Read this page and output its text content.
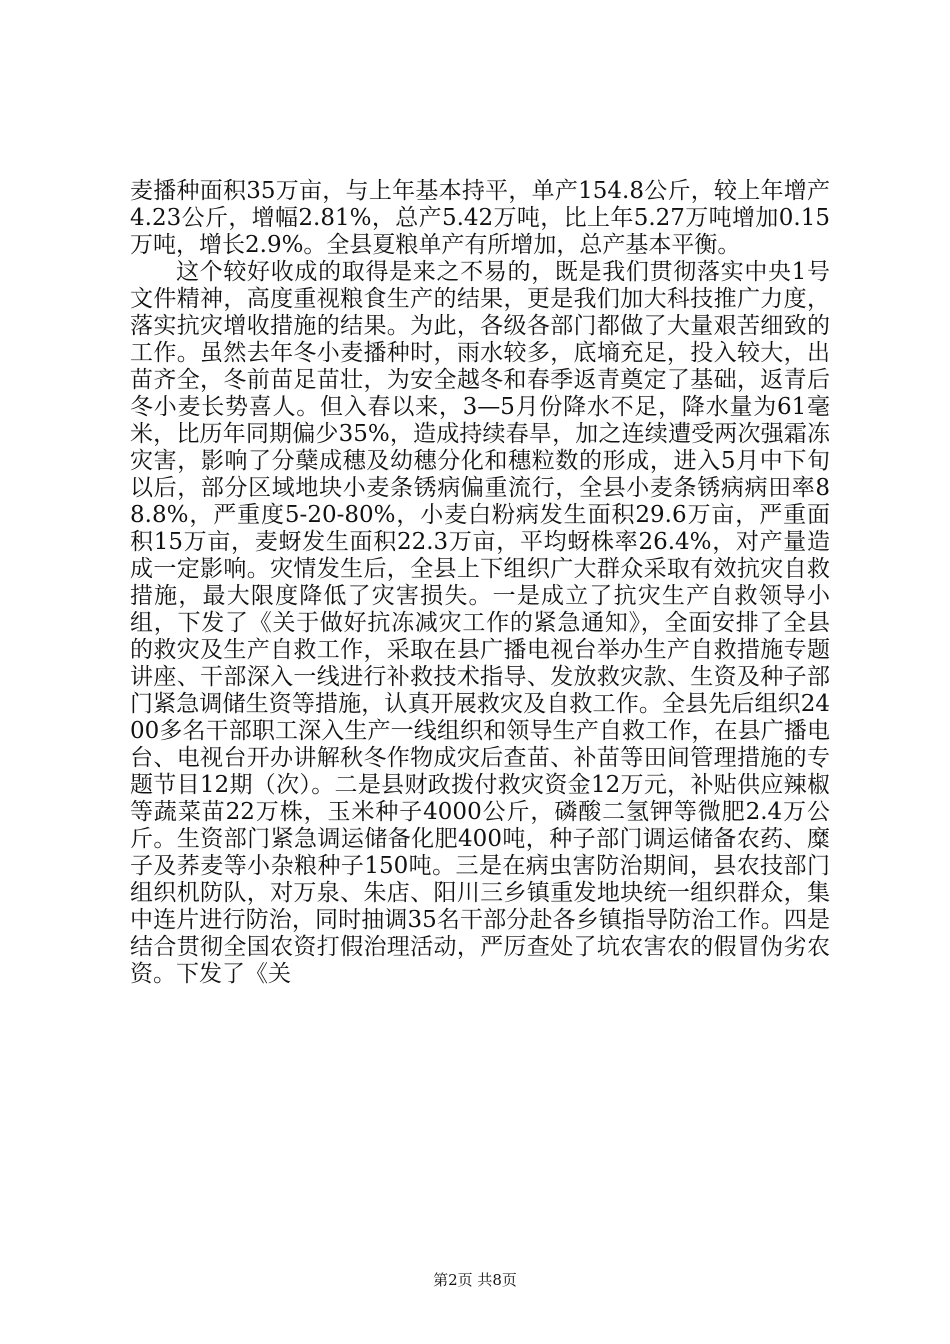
麦播种面积35万亩，与上年基本持平，单产154.8公斤，较上年增产4.23公斤，增幅2.81%，总产5.42万吨，比上年5.27万吨增加0.15万吨，增长2.9%。全县夏粮单产有所增加，总产基本平衡。

这个较好收成的取得是来之不易的，既是我们贯彻落实中央1号文件精神，高度重视粮食生产的结果，更是我们加大科技推广力度，落实抗灾增收措施的结果。为此，各级各部门都做了大量艰苦细致的工作。虽然去年冬小麦播种时，雨水较多，底墒充足，投入较大，出苗齐全，冬前苗足苗壮，为安全越冬和春季返青奠定了基础，返青后冬小麦长势喜人。但入春以来，3—5月份降水不足，降水量为61毫米，比历年同期偏少35%，造成持续春旱，加之连续遭受两次强霜冻灾害，影响了分蘖成穗及幼穗分化和穗粒数的形成，进入5月中下旬以后，部分区域地块小麦条锈病偏重流行，全县小麦条锈病病田率88.8%，严重度5-20-80%，小麦白粉病发生面积29.6万亩，严重面积15万亩，麦蚜发生面积22.3万亩，平均蚜株率26.4%，对产量造成一定影响。灾情发生后，全县上下组织广大群众采取有效抗灾自救措施，最大限度降低了灾害损失。一是成立了抗灾生产自救领导小组，下发了《关于做好抗冻减灾工作的紧急通知》，全面安排了全县的救灾及生产自救工作，采取在县广播电视台举办生产自救措施专题讲座、干部深入一线进行补救技术指导、发放救灾款、生资及种子部门紧急调储生资等措施，认真开展救灾及自救工作。全县先后组织2400多名干部职工深入生产一线组织和领导生产自救工作，在县广播电台、电视台开办讲解秋冬作物成灾后查苗、补苗等田间管理措施的专题节目12期（次）。二是县财政拨付救灾资金12万元，补贴供应辣椒等蔬菜苗22万株，玉米种子4000公斤，磷酸二氢钾等微肥2.4万公斤。生资部门紧急调运储备化肥400吨，种子部门调运储备农药、糜子及荞麦等小杂粮种子150吨。三是在病虫害防治期间，县农技部门组织机防队，对万泉、朱店、阳川三乡镇重发地块统一组织群众，集中连片进行防治，同时抽调35名干部分赴各乡镇指导防治工作。四是结合贯彻全国农资打假治理活动，严厉查处了坑农害农的假冒伪劣农资。下发了《关

第2页 共8页
